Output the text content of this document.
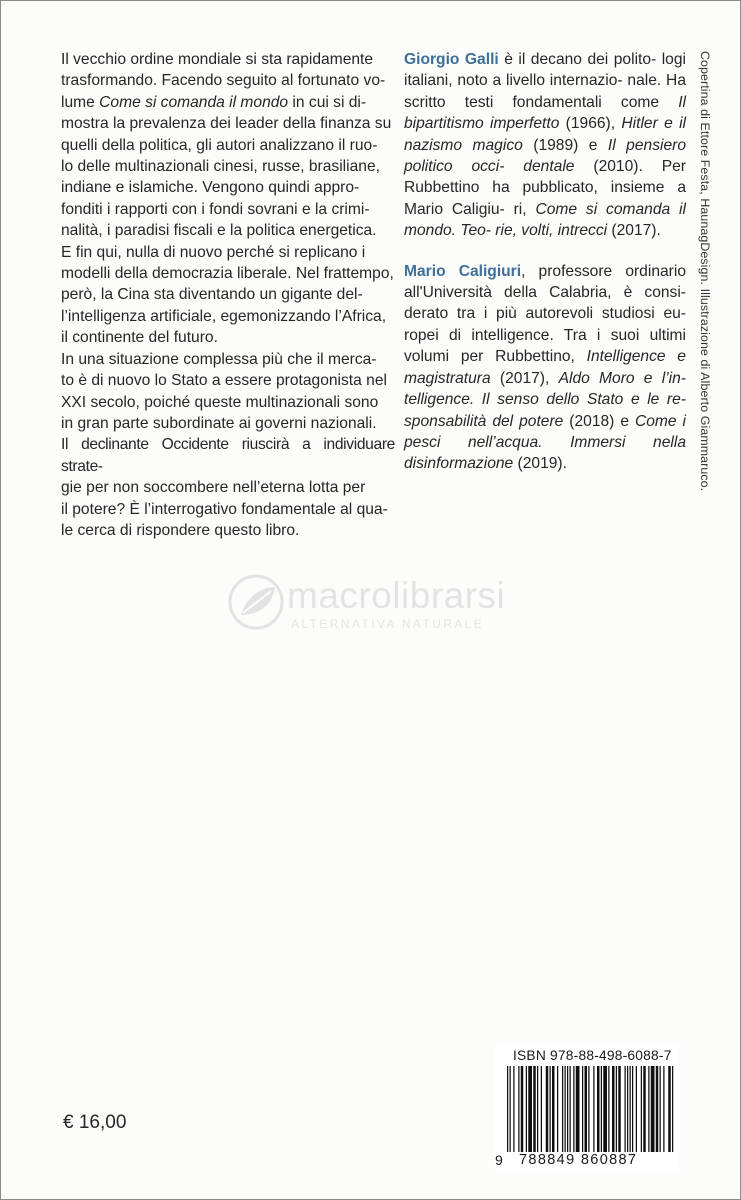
Il vecchio ordine mondiale si sta rapidamente

trasformando. Facendo seguito al fortunato vo-

lume Come si comanda il mondo in cui si di-

mostra la prevalenza dei leader della finanza su

quelli della politica, gli autori analizzano il ruo-

lo delle multinazionali cinesi, russe, brasiliane,

indiane e islamiche. Vengono quindi appro-

fonditi i rapporti con i fondi sovrani e la crimi-

nalità, i paradisi fiscali e la politica energetica.

E fin qui, nulla di nuovo perché si replicano i

modelli della democrazia liberale. Nel frattempo,

però, la Cina sta diventando un gigante del-

l’intelligenza artificiale, egemonizzando l’Africa,

il continente del futuro.

In una situazione complessa più che il merca-

to è di nuovo lo Stato a essere protagonista nel

XXI secolo, poiché queste multinazionali sono

in gran parte subordinate ai governi nazionali.

Il declinante Occidente riuscirà a individuare strate-

gie per non soccombere nell’eterna lotta per

il potere? È l’interrogativo fondamentale al qua-

le cerca di rispondere questo libro.

Giorgio Galli è il decano dei polito- logi italiani, noto a livello internazio- nale. Ha scritto testi fondamentali come Il bipartitismo imperfetto (1966), Hitler e il nazismo magico (1989) e Il pensiero politico occi- dentale (2010). Per Rubbettino ha pubblicato, insieme a Mario Caligiu- ri, Come si comanda il mondo. Teo- rie, volti, intrecci (2017).

Mario Caligiuri, professore ordinario all'Università della Calabria, è consi- derato tra i più autorevoli studiosi eu- ropei di intelligence. Tra i suoi ultimi volumi per Rubbettino, Intelligence e magistratura (2017), Aldo Moro e l’in- telligence. Il senso dello Stato e le re- sponsabilità del potere (2018) e Come i pesci nell’acqua. Immersi nella disinformazione (2019).	Copertina di Ettore Festa, HaunagDesign. Illustrazione di Alberto Giammaruco.
macrolibrarsi
ALTERNATIVA NATURALE
€ 16,00
ISBN 978-88-498-6088-7
9 788849 860887
